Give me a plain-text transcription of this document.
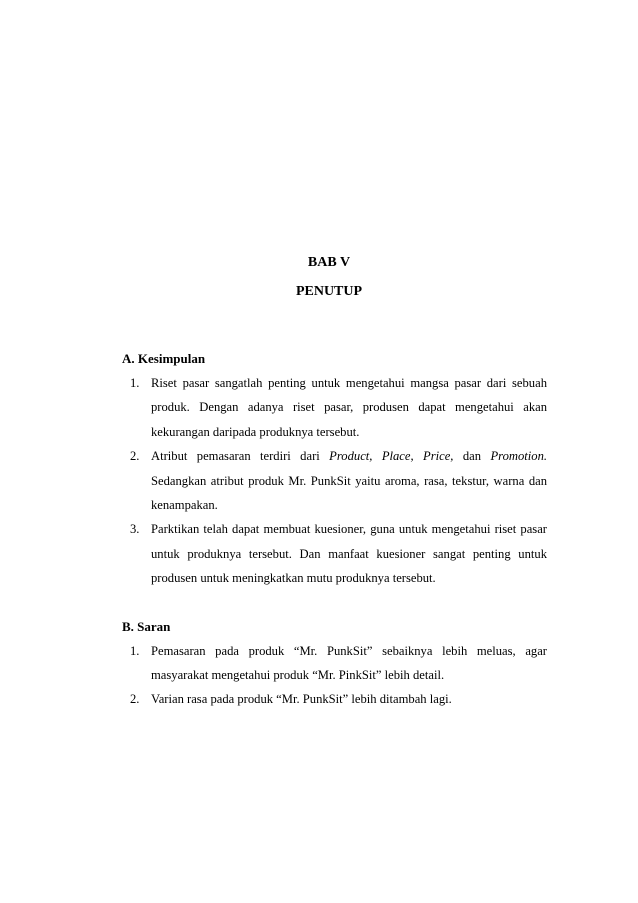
BAB V
PENUTUP
A. Kesimpulan
1. Riset pasar sangatlah penting untuk mengetahui mangsa pasar dari sebuah produk. Dengan adanya riset pasar, produsen dapat mengetahui akan kekurangan daripada produknya tersebut.
2. Atribut pemasaran terdiri dari Product, Place, Price, dan Promotion. Sedangkan atribut produk Mr. PunkSit yaitu aroma, rasa, tekstur, warna dan kenampakan.
3. Parktikan telah dapat membuat kuesioner, guna untuk mengetahui riset pasar untuk produknya tersebut. Dan manfaat kuesioner sangat penting untuk produsen untuk meningkatkan mutu produknya tersebut.
B. Saran
1. Pemasaran pada produk “Mr. PunkSit” sebaiknya lebih meluas, agar masyarakat mengetahui produk “Mr. PinkSit” lebih detail.
2. Varian rasa pada produk “Mr. PunkSit” lebih ditambah lagi.
